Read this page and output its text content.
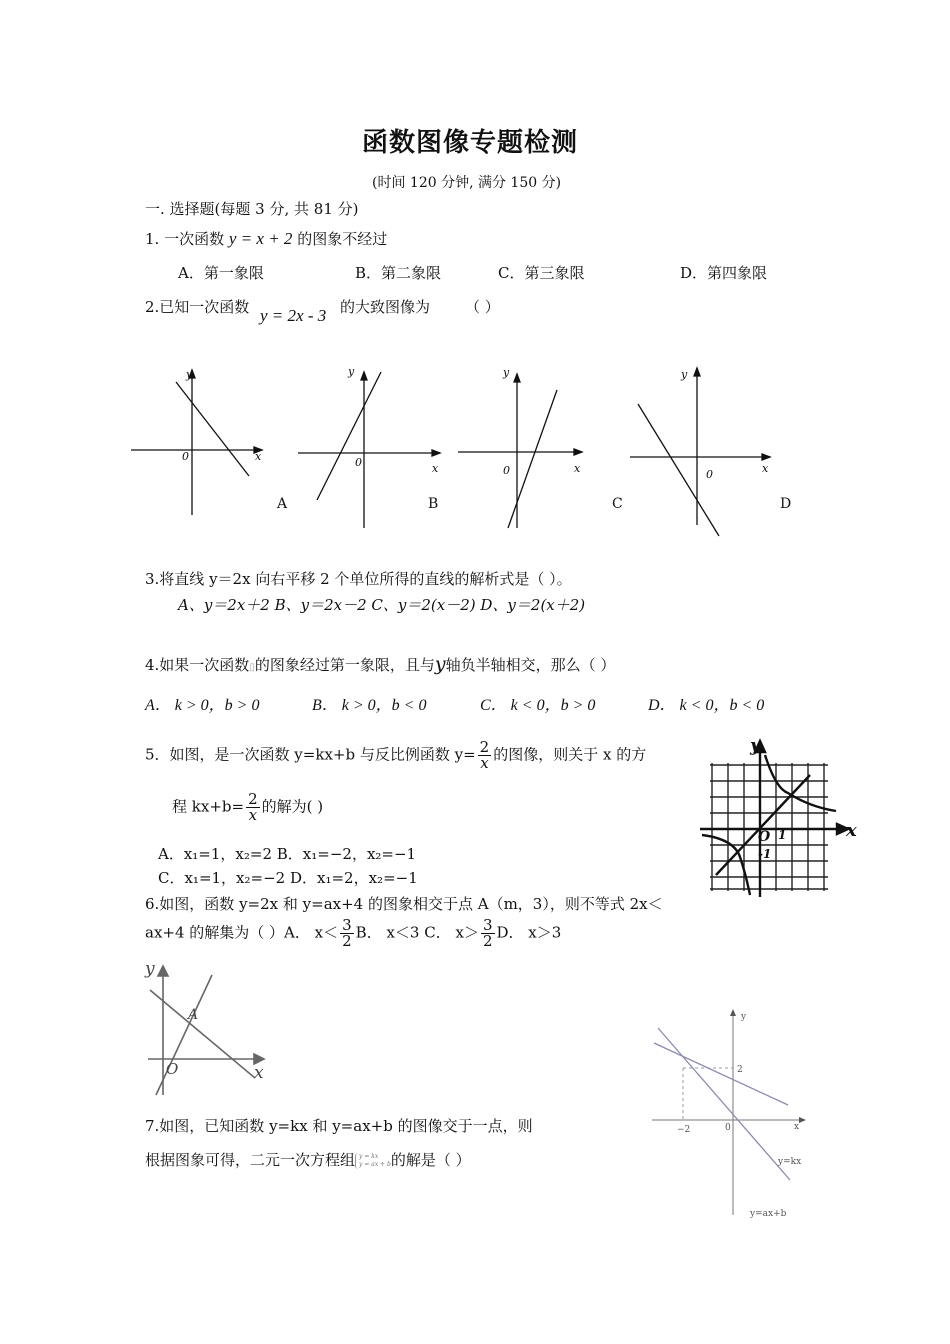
函数图像专题检测
(时间 120 分钟, 满分 150 分)
一. 选择题(每题 3 分, 共 81 分)
1. 一次函数 y = x + 2 的图象不经过
A．第一象限	B．第二象限	C．第三象限	D．第四象限
2.已知一次函数 y = 2x - 3 的大致图像为 （ ）
y
x
0
y
x
0
y
x
0
y
x
0
A	B	C	D
3.将直线 y＝2x 向右平移 2 个单位所得的直线的解析式是（ ）。
A、y＝2x＋2 B、y＝2x－2 C、y＝2(x－2) D、y＝2(x＋2)
4.如果一次函数▯的图象经过第一象限，且与y轴负半轴相交，那么（ ）
A． k > 0，b > 0	B． k > 0，b < 0	C． k < 0，b > 0	D． k < 0，b < 0
5．如图，是一次函数 y=kx+b 与反比例函数 $y= \frac{2}{x}$ 的图像，则关于 x 的方
程 $kx+b= \frac{2}{x}$ 的解为( )
A．x₁=1，x₂=2 B．x₁=−2，x₂=−1
C．x₁=1，x₂=−2 D．x₁=2，x₂=−1
y
x
O 1
-1
6.如图，函数 y=2x 和 y=ax+4 的图象相交于点 A（m，3），则不等式 2x＜
ax+4 的解集为（ ）A． $x< \frac{3}{2}$ B． x＜3 C． $x> \frac{3}{2}$ D． x＞3
y
x
A
O
7.如图，已知函数 y=kx 和 y=ax+b 的图像交于一点，则
根据图象可得，二元一次方程组 y = kx
y = ax + b的解是（ ）
y
x
2
−2	0
y=kx
y=ax+b
